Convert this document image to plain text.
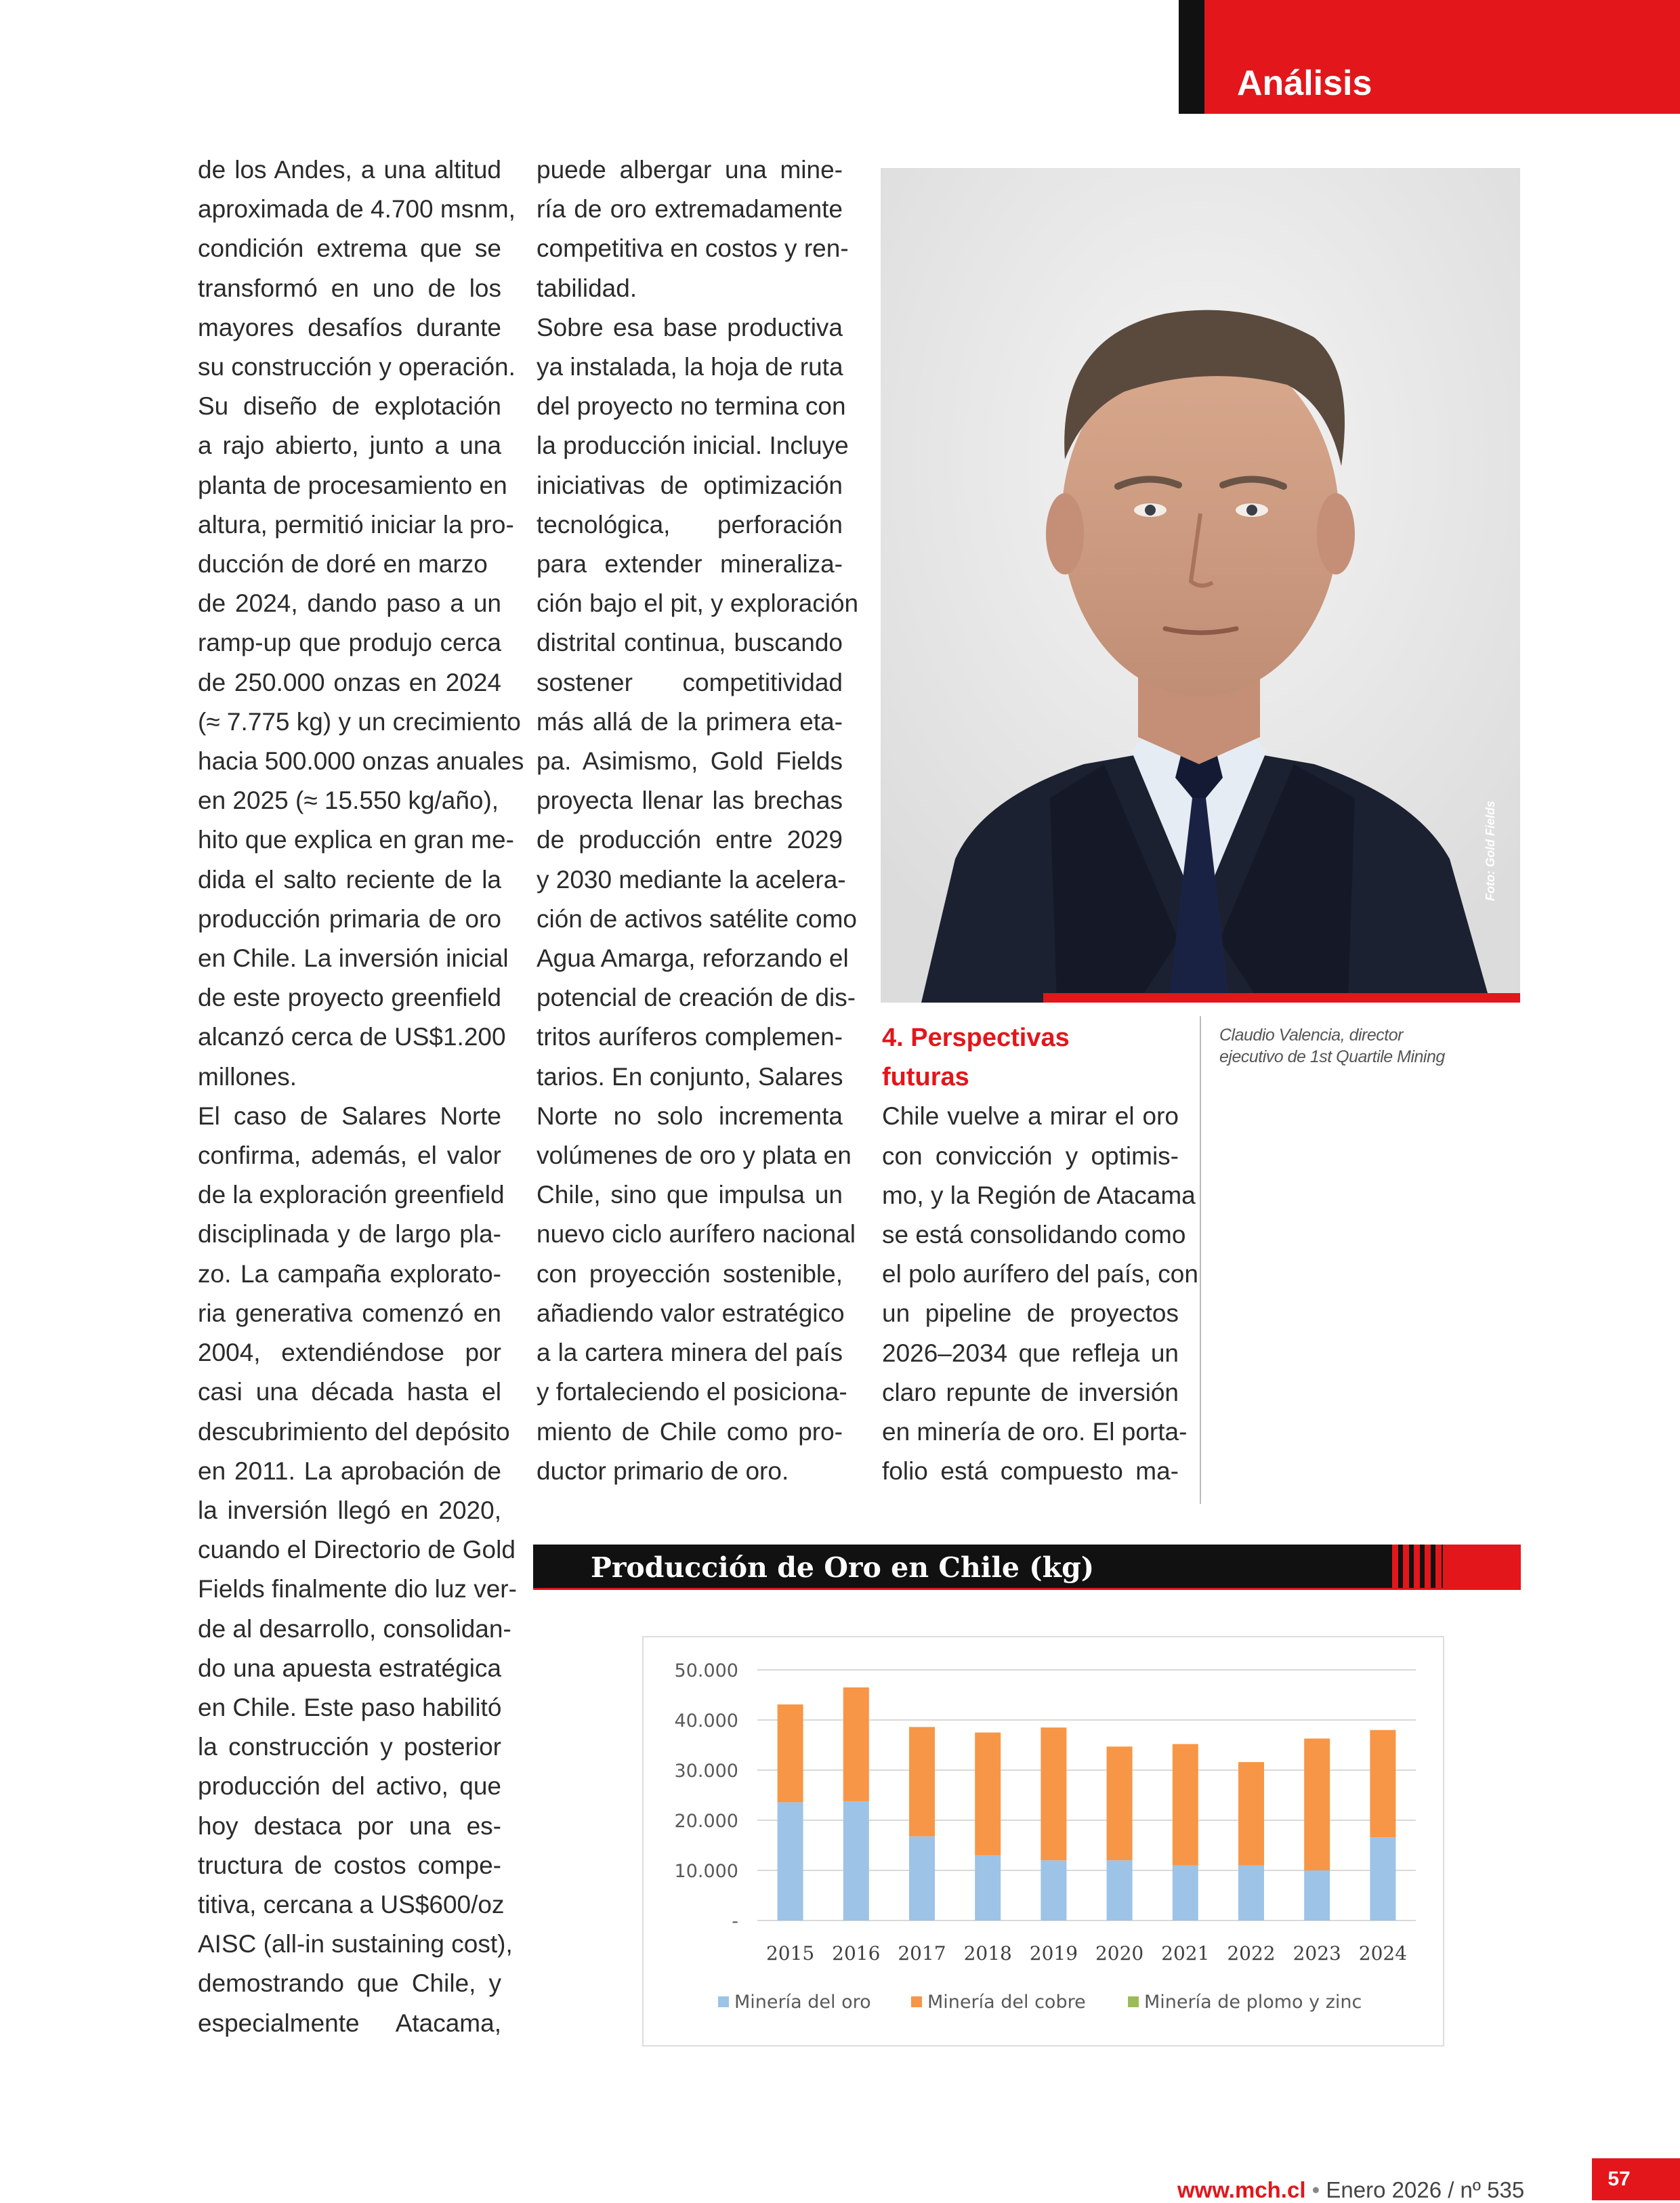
Análisis
de los Andes, a una altitud
aproximada de 4.700 msnm,
condición extrema que se
transformó en uno de los
mayores desafíos durante
su construcción y operación.
Su diseño de explotación
a rajo abierto, junto a una
planta de procesamiento en
altura, permitió iniciar la pro-
ducción de doré en marzo
de 2024, dando paso a un
ramp-up que produjo cerca
de 250.000 onzas en 2024
(≈ 7.775 kg) y un crecimiento
hacia 500.000 onzas anuales
en 2025 (≈ 15.550 kg/año),
hito que explica en gran me-
dida el salto reciente de la
producción primaria de oro
en Chile. La inversión inicial
de este proyecto greenfield
alcanzó cerca de US$1.200
millones.
El caso de Salares Norte
confirma, además, el valor
de la exploración greenfield
disciplinada y de largo pla-
zo. La campaña explorato-
ria generativa comenzó en
2004, extendiéndose por
casi una década hasta el
descubrimiento del depósito
en 2011. La aprobación de
la inversión llegó en 2020,
cuando el Directorio de Gold
Fields finalmente dio luz ver-
de al desarrollo, consolidan-
do una apuesta estratégica
en Chile. Este paso habilitó
la construcción y posterior
producción del activo, que
hoy destaca por una es-
tructura de costos compe-
titiva, cercana a US$600/oz
AISC (all-in sustaining cost),
demostrando que Chile, y
especialmente Atacama,
puede albergar una mine-
ría de oro extremadamente
competitiva en costos y ren-
tabilidad.
Sobre esa base productiva
ya instalada, la hoja de ruta
del proyecto no termina con
la producción inicial. Incluye
iniciativas de optimización
tecnológica, perforación
para extender mineraliza-
ción bajo el pit, y exploración
distrital continua, buscando
sostener competitividad
más allá de la primera eta-
pa. Asimismo, Gold Fields
proyecta llenar las brechas
de producción entre 2029
y 2030 mediante la acelera-
ción de activos satélite como
Agua Amarga, reforzando el
potencial de creación de dis-
tritos auríferos complemen-
tarios. En conjunto, Salares
Norte no solo incrementa
volúmenes de oro y plata en
Chile, sino que impulsa un
nuevo ciclo aurífero nacional
con proyección sostenible,
añadiendo valor estratégico
a la cartera minera del país
y fortaleciendo el posiciona-
miento de Chile como pro-
ductor primario de oro.
Foto: Gold Fields
4. Perspectivas
futuras
Chile vuelve a mirar el oro
con convicción y optimis-
mo, y la Región de Atacama
se está consolidando como
el polo aurífero del país, con
un pipeline de proyectos
2026–2034 que refleja un
claro repunte de inversión
en minería de oro. El porta-
folio está compuesto ma-
Claudio Valencia, director
ejecutivo de 1st Quartile Mining
Producción de Oro en Chile (kg)
-
10.000
20.000
30.000
40.000
50.000
2015 2016 2017 2018 2019 2020 2021 2022 2023 2024
Minería del oro	Minería del cobre	Minería de plomo y zinc
www.mch.cl • Enero 2026 / nº 535	57
